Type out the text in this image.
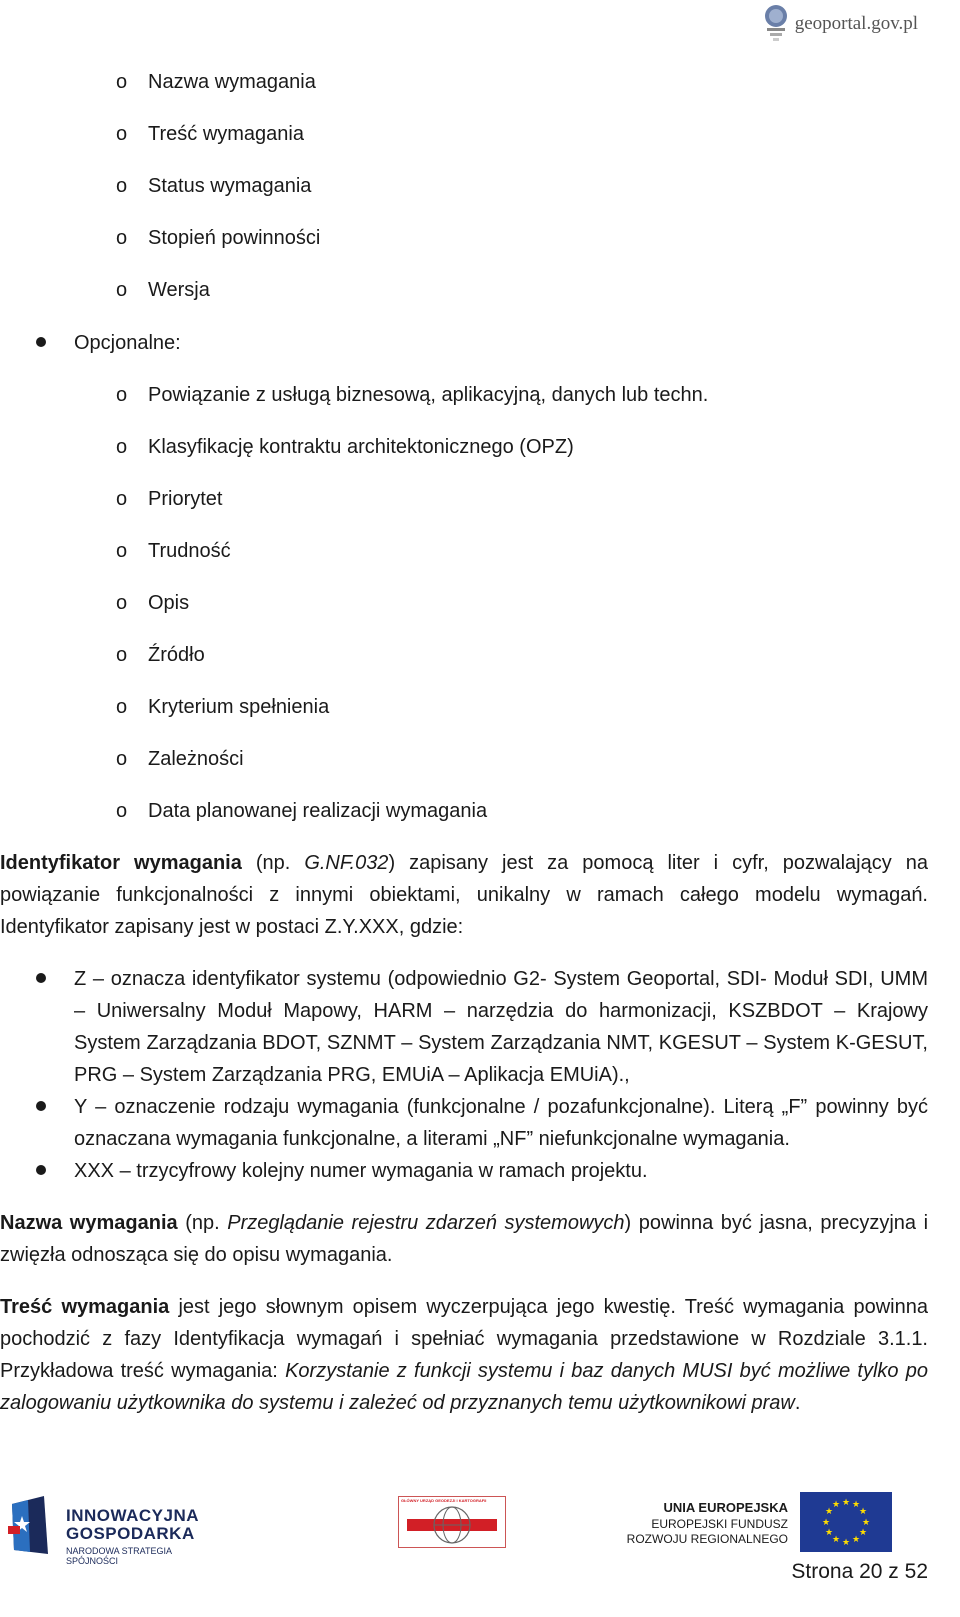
geoportal.gov.pl
o Nazwa wymagania
o Treść wymagania
o Status wymagania
o Stopień powinności
o Wersja
Opcjonalne:
o Powiązanie z usługą biznesową, aplikacyjną, danych lub techn.
o Klasyfikację kontraktu architektonicznego (OPZ)
o Priorytet
o Trudność
o Opis
o Źródło
o Kryterium spełnienia
o Zależności
o Data planowanej realizacji wymagania
Identyfikator wymagania (np. G.NF.032) zapisany jest za pomocą liter i cyfr, pozwalający na powiązanie funkcjonalności z innymi obiektami, unikalny w ramach całego modelu wymagań. Identyfikator zapisany jest w postaci Z.Y.XXX, gdzie:
Z – oznacza identyfikator systemu (odpowiednio G2- System Geoportal, SDI- Moduł SDI, UMM – Uniwersalny Moduł Mapowy, HARM – narzędzia do harmonizacji, KSZBDOT – Krajowy System Zarządzania BDOT, SZNMT – System Zarządzania NMT, KGESUT – System K-GESUT, PRG – System Zarządzania PRG, EMUiA – Aplikacja EMUiA).,
Y – oznaczenie rodzaju wymagania (funkcjonalne / pozafunkcjonalne). Literą „F” powinny być oznaczana wymagania funkcjonalne, a literami „NF” niefunkcjonalne wymagania.
XXX – trzycyfrowy kolejny numer wymagania w ramach projektu.
Nazwa wymagania (np. Przeglądanie rejestru zdarzeń systemowych) powinna być jasna, precyzyjna i zwięzła odnosząca się do opisu wymagania.
Treść wymagania jest jego słownym opisem wyczerpująca jego kwestię. Treść wymagania powinna pochodzić z fazy Identyfikacja wymagań i spełniać wymagania przedstawione w Rozdziale 3.1.1. Przykładowa treść wymagania: Korzystanie z funkcji systemu i baz danych MUSI być możliwe tylko po zalogowaniu użytkownika do systemu i zależeć od przyznanych temu użytkownikowi praw.
INNOWACYJNA
GOSPODARKA
NARODOWA STRATEGIA SPÓJNOŚCI
GŁÓWNY URZĄD GEODEZJI I KARTOGRAFII	UNIA EUROPEJSKA
EUROPEJSKI FUNDUSZ
ROZWOJU REGIONALNEGO
★ ★
★
★
★
★
★
★
★
★
★
★
Strona 20 z 52
